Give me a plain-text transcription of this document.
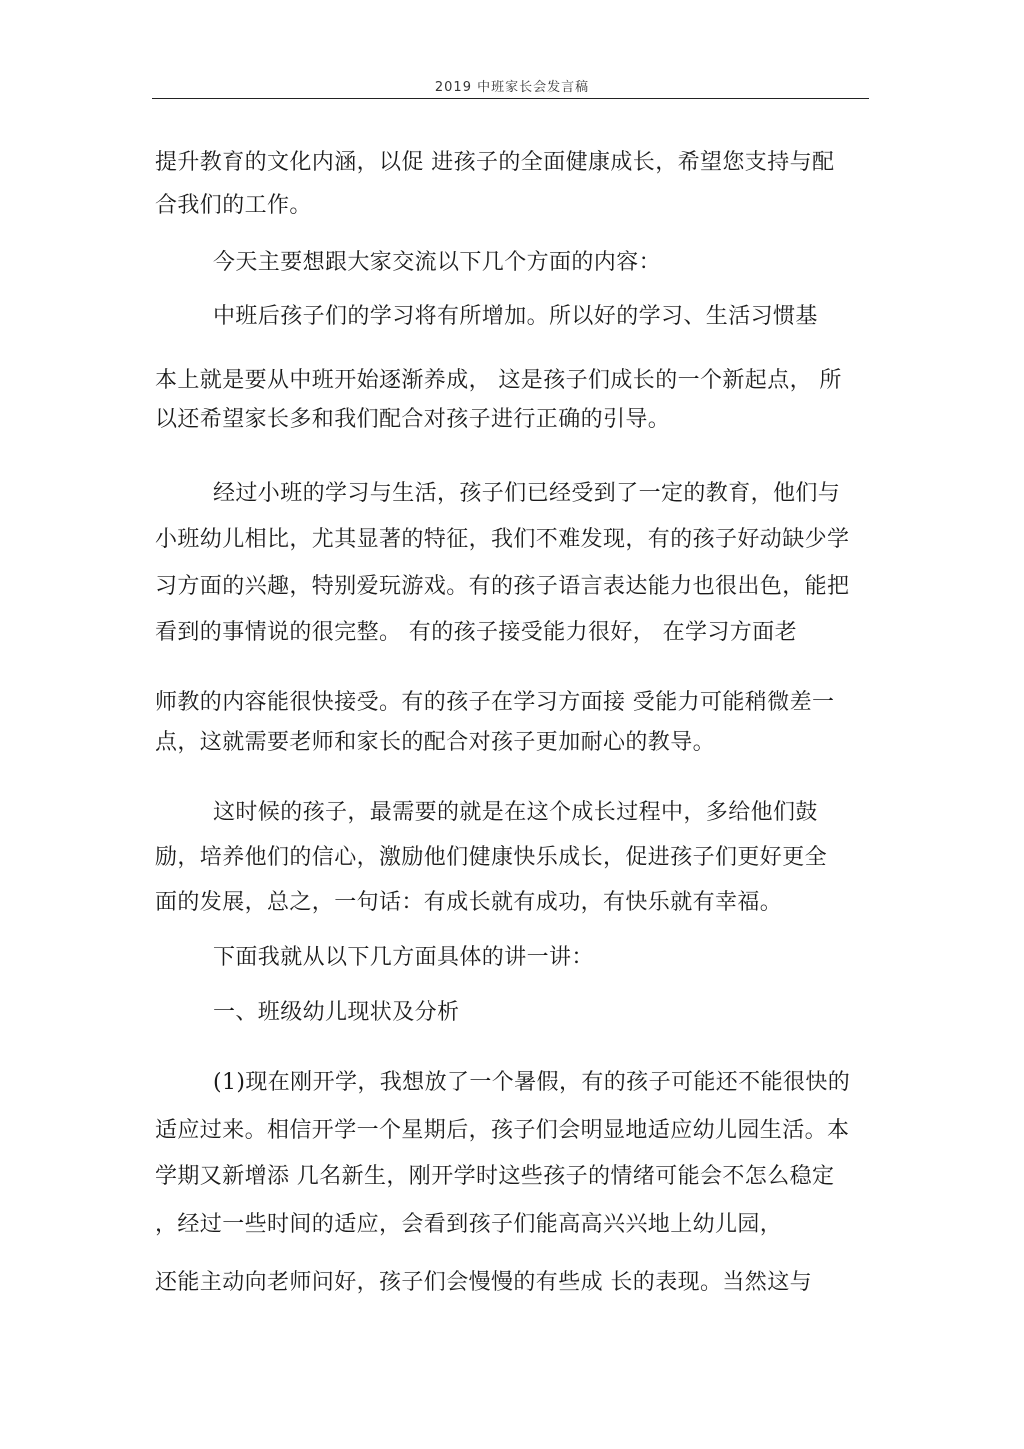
2019 中班家长会发言稿
提升教育的文化内涵，以促 进孩子的全面健康成长，希望您支持与配
合我们的工作。
今天主要想跟大家交流以下几个方面的内容：
中班后孩子们的学习将有所增加。所以好的学习、生活习惯基
本上就是要从中班开始逐渐养成， 这是孩子们成长的一个新起点， 所
以还希望家长多和我们配合对孩子进行正确的引导。
经过小班的学习与生活，孩子们已经受到了一定的教育，他们与
小班幼儿相比，尤其显著的特征，我们不难发现，有的孩子好动缺少学
习方面的兴趣，特别爱玩游戏。有的孩子语言表达能力也很出色，能把
看到的事情说的很完整。 有的孩子接受能力很好， 在学习方面老
师教的内容能很快接受。有的孩子在学习方面接 受能力可能稍微差一
点，这就需要老师和家长的配合对孩子更加耐心的教导。
这时候的孩子，最需要的就是在这个成长过程中，多给他们鼓
励，培养他们的信心，激励他们健康快乐成长，促进孩子们更好更全
面的发展，总之，一句话：有成长就有成功，有快乐就有幸福。
下面我就从以下几方面具体的讲一讲：
一、班级幼儿现状及分析
(1)现在刚开学，我想放了一个暑假，有的孩子可能还不能很快的
适应过来。相信开学一个星期后，孩子们会明显地适应幼儿园生活。本
学期又新增添 几名新生，刚开学时这些孩子的情绪可能会不怎么稳定
，经过一些时间的适应，会看到孩子们能高高兴兴地上幼儿园，
还能主动向老师问好，孩子们会慢慢的有些成 长的表现。当然这与
